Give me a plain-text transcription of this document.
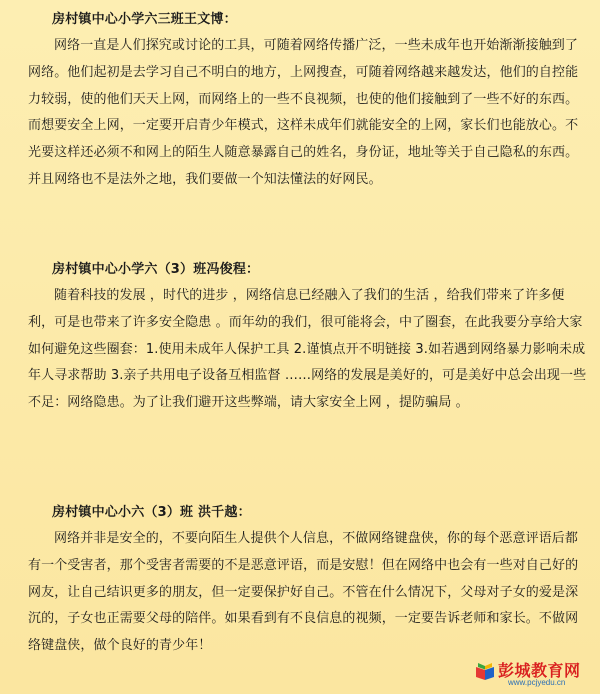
房村镇中心小学六三班王文博：

网络一直是人们探究或讨论的工具，可随着网络传播广泛，一些未成年也开始渐渐接触到了网络。他们起初是去学习自己不明白的地方，上网搜查，可随着网络越来越发达，他们的自控能力较弱，使的他们天天上网，而网络上的一些不良视频，也使的他们接触到了一些不好的东西。而想要安全上网，一定要开启青少年模式，这样未成年们就能安全的上网，家长们也能放心。不光要这样还必须不和网上的陌生人随意暴露自己的姓名，身份证，地址等关于自己隐私的东西。并且网络也不是法外之地，我们要做一个知法懂法的好网民。

房村镇中心小学六（3）班冯俊程：

随着科技的发展 ，时代的进步 ，网络信息已经融入了我们的生活 ，给我们带来了许多便利，可是也带来了许多安全隐患 。而年幼的我们，很可能将会，中了圈套，在此我要分享给大家如何避免这些圈套：1.使用未成年人保护工具 2.谨慎点开不明链接 3.如若遇到网络暴力影响未成年人寻求帮助 3.亲子共用电子设备互相监督 ……网络的发展是美好的，可是美好中总会出现一些不足：网络隐患。为了让我们避开这些弊端，请大家安全上网 ，提防骗局 。

房村镇中心小六（3）班 洪千越：

网络并非是安全的，不要向陌生人提供个人信息，不做网络键盘侠，你的每个恶意评语后都有一个受害者，那个受害者需要的不是恶意评语，而是安慰！但在网络中也会有一些对自己好的网友，让自己结识更多的朋友，但一定要保护好自己。不管在什么情况下，父母对子女的爱是深沉的，子女也正需要父母的陪伴。如果看到有不良信息的视频，一定要告诉老师和家长。不做网络键盘侠，做个良好的青少年！

彭城教育网
www.pcjyedu.cn
